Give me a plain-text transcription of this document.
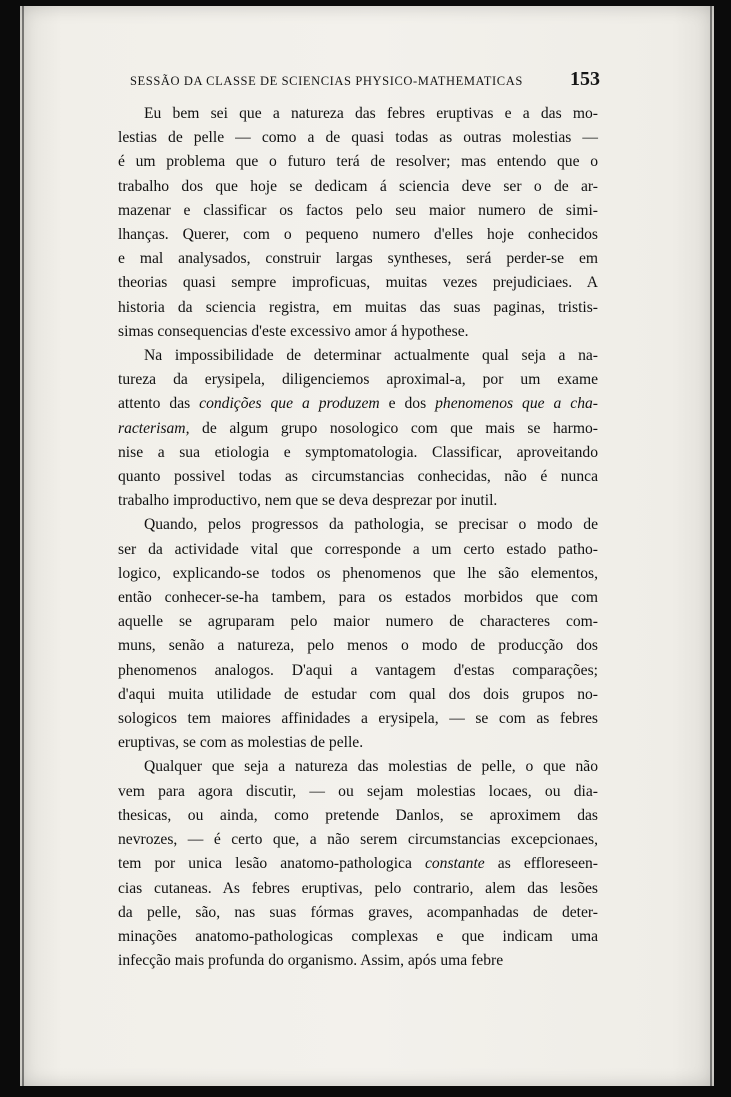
SESSÃO DA CLASSE DE SCIENCIAS PHYSICO-MATHEMATICAS 153

Eu bem sei que a natureza das febres eruptivas e a das mo-
lestias de pelle — como a de quasi todas as outras molestias —
é um problema que o futuro terá de resolver; mas entendo que o
trabalho dos que hoje se dedicam á sciencia deve ser o de ar-
mazenar e classificar os factos pelo seu maior numero de simi-
lhanças. Querer, com o pequeno numero d'elles hoje conhecidos
e mal analysados, construir largas syntheses, será perder-se em
theorias quasi sempre improficuas, muitas vezes prejudiciaes. A
historia da sciencia registra, em muitas das suas paginas, tristis-
simas consequencias d'este excessivo amor á hypothese.

Na impossibilidade de determinar actualmente qual seja a na-
tureza da erysipela, diligenciemos aproximal-a, por um exame
attento das condições que a produzem e dos phenomenos que a cha-
racterisam, de algum grupo nosologico com que mais se harmo-
nise a sua etiologia e symptomatologia. Classificar, aproveitando
quanto possivel todas as circumstancias conhecidas, não é nunca
trabalho improductivo, nem que se deva desprezar por inutil.

Quando, pelos progressos da pathologia, se precisar o modo de
ser da actividade vital que corresponde a um certo estado patho-
logico, explicando-se todos os phenomenos que lhe são elementos,
então conhecer-se-ha tambem, para os estados morbidos que com
aquelle se agruparam pelo maior numero de characteres com-
muns, senão a natureza, pelo menos o modo de producção dos
phenomenos analogos. D'aqui a vantagem d'estas comparações;
d'aqui muita utilidade de estudar com qual dos dois grupos no-
sologicos tem maiores affinidades a erysipela, — se com as febres
eruptivas, se com as molestias de pelle.

Qualquer que seja a natureza das molestias de pelle, o que não
vem para agora discutir, — ou sejam molestias locaes, ou dia-
thesicas, ou ainda, como pretende Danlos, se aproximem das
nevrozes, — é certo que, a não serem circumstancias excepcionaes,
tem por unica lesão anatomo-pathologica constante as effloreseen-
cias cutaneas. As febres eruptivas, pelo contrario, alem das lesões
da pelle, são, nas suas fórmas graves, acompanhadas de deter-
minações anatomo-pathologicas complexas e que indicam uma
infecção mais profunda do organismo. Assim, após uma febre
